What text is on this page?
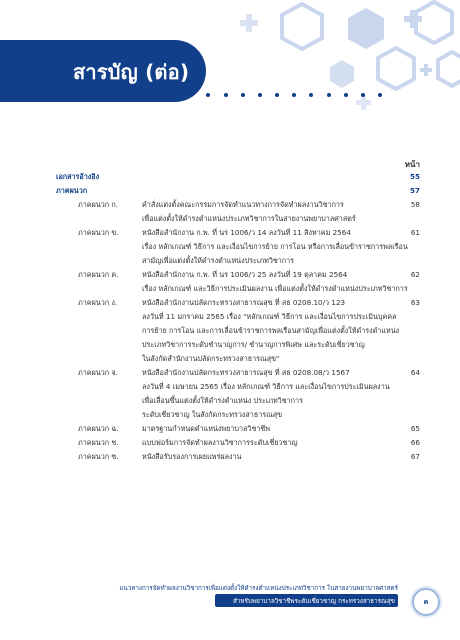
สารบัญ (ต่อ)
หน้า
เอกสารอ้างอิง	55
ภาคผนวก	57
ภาคผนวก ก.	คำสั่งแต่งตั้งคณะกรรมการจัดทำแนวทางการจัดทำผลงานวิชาการ	58
เพื่อแต่งตั้งให้ดำรงตำแหน่งประเภทวิชาการในสายงานพยาบาลศาสตร์
ภาคผนวก ข.	หนังสือสำนักงาน ก.พ. ที่ นร 1006/ว 14 ลงวันที่ 11 สิงหาคม 2564	61
เรื่อง หลักเกณฑ์ วิธีการ และเงื่อนไขการย้าย การโอน หรือการเลื่อนข้าราชการพลเรือน
สามัญเพื่อแต่งตั้งให้ดำรงตำแหน่งประเภทวิชาการ
ภาคผนวก ค.	หนังสือสำนักงาน ก.พ. ที่ นร 1006/ว 25 ลงวันที่ 19 ตุลาคม 2564	62
เรื่อง หลักเกณฑ์ และวิธีการประเมินผลงาน เพื่อแต่งตั้งให้ดำรงตำแหน่งประเภทวิชาการ
ภาคผนวก ง.	หนังสือสำนักงานปลัดกระทรวงสาธารณสุข ที่ สธ 0208.10/ว 123	63
ลงวันที่ 11 มกราคม 2565 เรื่อง "หลักเกณฑ์ วิธีการ และเงื่อนไขการประเมินบุคคล
การย้าย การโอน และการเลื่อนข้าราชการพลเรือนสามัญเพื่อแต่งตั้งให้ดำรงตำแหน่ง
ประเภทวิชาการระดับชำนาญการ/ ชำนาญการพิเศษ และระดับเชี่ยวชาญ
ในสังกัดสำนักงานปลัดกระทรวงสาธารณสุข"
ภาคผนวก จ.	หนังสือสำนักงานปลัดกระทรวงสาธารณสุข ที่ สธ 0208.08/ว 1567	64
ลงวันที่ 4 เมษายน 2565 เรื่อง หลักเกณฑ์ วิธีการ และเงื่อนไขการประเมินผลงาน
เพื่อเลื่อนขึ้นแต่งตั้งให้ดำรงตำแหน่ง ประเภทวิชาการ
ระดับเชี่ยวชาญ ในสังกัดกระทรวงสาธารณสุข
ภาคผนวก ฉ.	มาตรฐานกำหนดตำแหน่งพยาบาลวิชาชีพ	65
ภาคผนวก ช.	แบบฟอร์มการจัดทำผลงานวิชาการระดับเชี่ยวชาญ	66
ภาคผนวก ซ.	หนังสือรับรองการเผยแพร่ผลงาน	67
แนวทางการจัดทำผลงานวิชาการเพื่อแต่งตั้งให้ดำรงตำแหน่งประเภทวิชาการ ในสายงานพยาบาลศาสตร์
สำหรับพยาบาลวิชาชีพระดับเชี่ยวชาญ กระทรวงสาธารณสุข	ค
